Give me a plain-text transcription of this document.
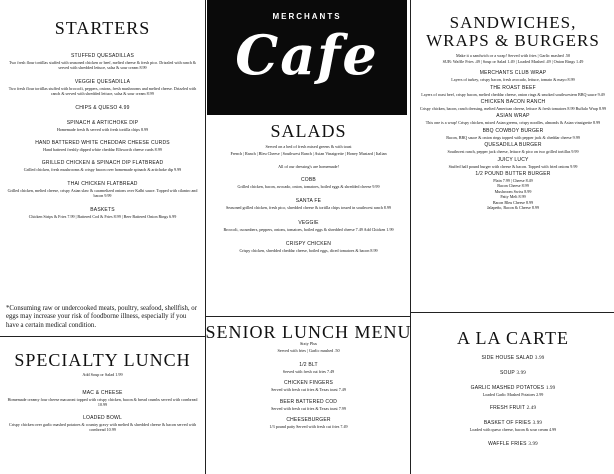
STARTERS
STUFFED QUESADILLAS
Two fresh flour tortillas stuffed with seasoned chicken or beef, melted cheese & fresh pico. Drizzled with ranch & served with shredded lettuce, salsa & sour cream 8.99
VEGGIE QUESADILLA
Two fresh flour tortillas stuffed with broccoli, peppers, onions, fresh mushrooms and melted cheese. Drizzled with ranch & served with shredded lettuce, salsa & sour cream 8.99
CHIPS & QUESO 4.99
SPINACH & ARTICHOKE DIP
Homemade fresh & served with fresh tortilla chips 8.99
HAND BATTERED WHITE CHEDDAR CHEESE CURDS
Hand battered freshly dipped white cheddar Ellsworth cheese curds 8.99
GRILLED CHICKEN & SPINACH DIP FLATBREAD
Grilled chicken, fresh mushrooms & crispy bacon over homemade spinach & artichoke dip 9.99
THAI CHICKEN FLATBREAD
Grilled chicken, melted cheese, crispy Asian slaw & caramelized onions over Kalbi sauce. Topped with cilantro and bacon 9.99
BASKETS
Chicken Strips & Fries 7.99 | Battered Cod & Fries 8.99 | Beer Battered Onion Rings 6.99
*Consuming raw or undercooked meats, poultry, seafood, shellfish, or eggs may increase your risk of foodborne illness, especially if you have a certain medical condition.
SPECIALTY LUNCH
Add Soup or Salad 1.99
MAC & CHEESE
Homemade creamy four cheese macaroni topped with crispy chicken, bacon & bread crumbs served with cornbread 10.99
LOADED BOWL
Crispy chicken over garlic mashed potatoes & country gravy with melted & shredded cheese & bacon served with cornbread 10.99
MERCHANTS
Cafe
SALADS
Served on a bed of fresh mixed greens & with toast
French | Ranch | Bleu Cheese | Southwest Ranch | Asian Vinaigrette | Honey Mustard | Italian
All of our dressing's are homemade!
COBB
Grilled chicken, bacon, avocado, onion, tomatoes, boiled eggs & shredded cheese 9.99
SANTA FE
Seasoned grilled chicken, fresh pico, shredded cheese & tortilla chips tossed in southwest ranch 8.99
VEGGIE
Broccoli, cucumbers, peppers, onions, tomatoes, boiled eggs & shredded cheese 7.49 Add Chicken 1.99
CRISPY CHICKEN
Crispy chicken, shredded cheddar cheese, boiled eggs, diced tomatoes & bacon 8.99
SENIOR LUNCH MENU
Sixty Plus
Served with fries | Garlic mashed .50
1/2 BLT
Served with fresh cut fries 7.49
CHICKEN FINGERS
Served with fresh cut fries & Texas toast 7.49
BEER BATTERED COD
Served with fresh cut fries & Texas toast 7.99
CHEESEBURGER
1/3 pound patty Served with fresh cut fries 7.49
SANDWICHES,
WRAPS & BURGERS
Make it a sandwich or a wrap! Served with fries | Garlic mashed .50
SUB: Waffle Fries .49 | Soup or Salad 1.49 | Loaded Mashed .49 | Onion Rings 1.49
MERCHANTS CLUB WRAP
Layers of turkey, crispy bacon, fresh avocado, lettuce, tomato & mayo 8.99
THE ROAST BEEF
Layers of roast beef, crispy bacon, melted cheddar cheese, onion rings & smoked southwestern BBQ sauce 9.49
CHICKEN BACON RANCH
Crispy chicken, bacon, ranch dressing, melted American cheese, lettuce & fresh tomatoes 8.99 Buffalo Wrap 8.99
ASIAN WRAP
This one is a wrap! Crispy chicken, mixed Asian greens, crispy noodles, almonds & Asian vinaigrette 8.99
BBQ COWBOY BURGER
Bacon, BBQ sauce & onion rings topped with pepper jack & cheddar cheese 9.99
QUESADILLA BURGER
Southwest ranch, pepper jack cheese, lettuce & pico on two grilled tortillas 9.99
JUICY LUCY
Stuffed half pound burger with cheese & bacon. Topped with fried onions 9.99
1/2 POUND BUTTER BURGER
Plain 7.99 | Cheese 8.49
Bacon Cheese 8.99
Mushroom Swiss 8.99
Patty Melt 8.99
Bacon Bleu Cheese 8.99
Jalapeño, Bacon & Cheese 8.99
A LA CARTE
SIDE HOUSE SALAD 3.99
SOUP 3.99
GARLIC MASHED POTATOES 1.99
Loaded Garlic Mashed Potatoes 2.99
FRESH FRUIT 2.49
BASKET OF FRIES 3.99
Loaded with queso cheese, bacon & sour cream 4.99
WAFFLE FRIES 3.99
